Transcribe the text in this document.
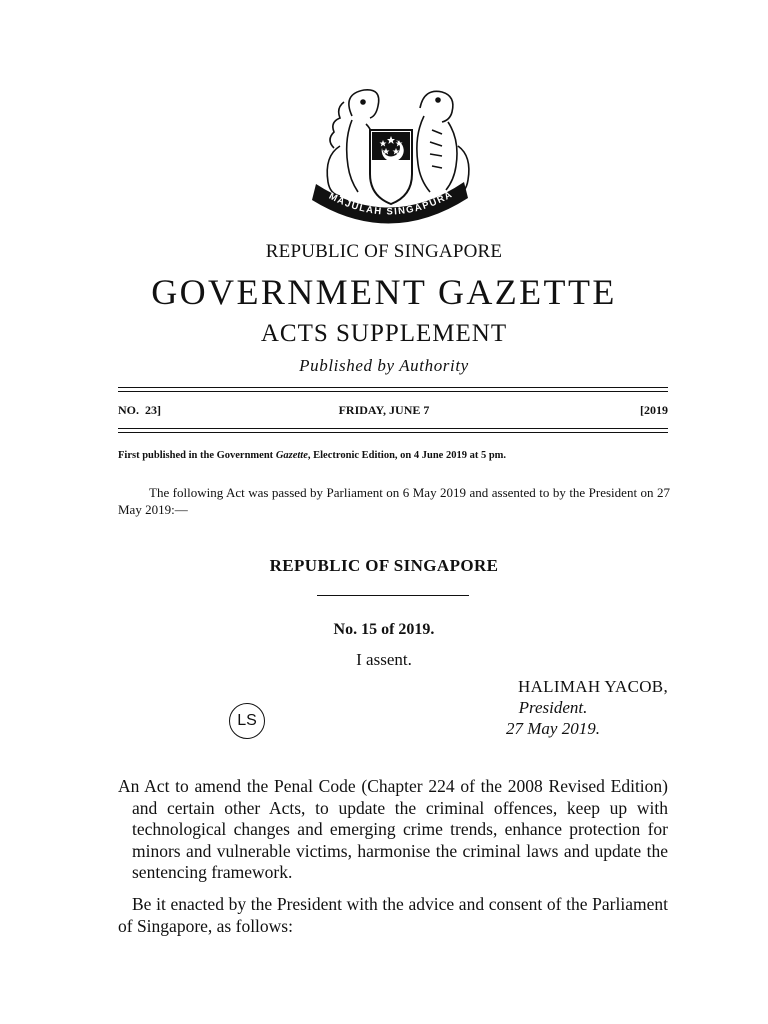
MAJULAH SINGAPURA
REPUBLIC OF SINGAPORE
GOVERNMENT GAZETTE
ACTS SUPPLEMENT
Published by Authority
NO.  23]	FRIDAY, JUNE 7	[2019
First published in the Government Gazette, Electronic Edition, on 4 June 2019 at 5 pm.
The following Act was passed by Parliament on 6 May 2019 and assented to by the President on 27 May 2019:—
REPUBLIC OF SINGAPORE
No. 15 of 2019.
I assent.
HALIMAH YACOB,
President.
27 May 2019.
LS
An Act to amend the Penal Code (Chapter 224 of the 2008 Revised Edition) and certain other Acts, to update the criminal offences, keep up with technological changes and emerging crime trends, enhance protection for minors and vulnerable victims, harmonise the criminal laws and update the sentencing framework.
Be it enacted by the President with the advice and consent of the Parliament of Singapore, as follows:
